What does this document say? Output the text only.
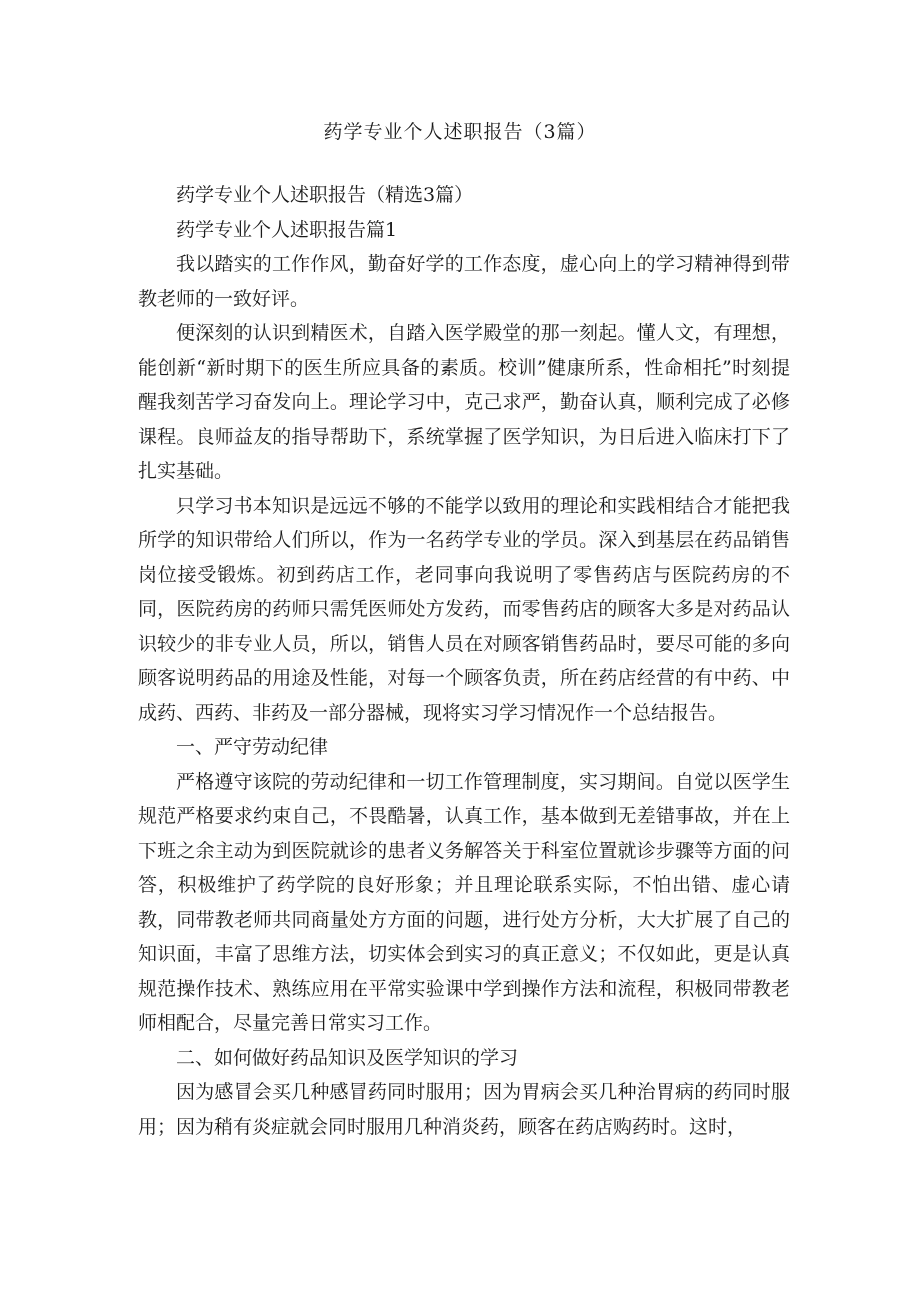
药学专业个人述职报告（3篇）

药学专业个人述职报告（精选3篇）

药学专业个人述职报告篇1

我以踏实的工作作风，勤奋好学的工作态度，虚心向上的学习精神得到带教老师的一致好评。

便深刻的认识到精医术，自踏入医学殿堂的那一刻起。懂人文，有理想，能创新“新时期下的医生所应具备的素质。校训”健康所系，性命相托”时刻提醒我刻苦学习奋发向上。理论学习中，克己求严，勤奋认真，顺利完成了必修课程。良师益友的指导帮助下，系统掌握了医学知识，为日后进入临床打下了扎实基础。

只学习书本知识是远远不够的不能学以致用的理论和实践相结合才能把我所学的知识带给人们所以，作为一名药学专业的学员。深入到基层在药品销售岗位接受锻炼。初到药店工作，老同事向我说明了零售药店与医院药房的不同，医院药房的药师只需凭医师处方发药，而零售药店的顾客大多是对药品认识较少的非专业人员，所以，销售人员在对顾客销售药品时，要尽可能的多向顾客说明药品的用途及性能，对每一个顾客负责，所在药店经营的有中药、中成药、西药、非药及一部分器械，现将实习学习情况作一个总结报告。

一、严守劳动纪律

严格遵守该院的劳动纪律和一切工作管理制度，实习期间。自觉以医学生规范严格要求约束自己，不畏酷暑，认真工作，基本做到无差错事故，并在上下班之余主动为到医院就诊的患者义务解答关于科室位置就诊步骤等方面的问答，积极维护了药学院的良好形象；并且理论联系实际，不怕出错、虚心请教，同带教老师共同商量处方方面的问题，进行处方分析，大大扩展了自己的知识面，丰富了思维方法，切实体会到实习的真正意义；不仅如此，更是认真规范操作技术、熟练应用在平常实验课中学到操作方法和流程，积极同带教老师相配合，尽量完善日常实习工作。

二、如何做好药品知识及医学知识的学习

因为感冒会买几种感冒药同时服用；因为胃病会买几种治胃病的药同时服用；因为稍有炎症就会同时服用几种消炎药，顾客在药店购药时。这时，
